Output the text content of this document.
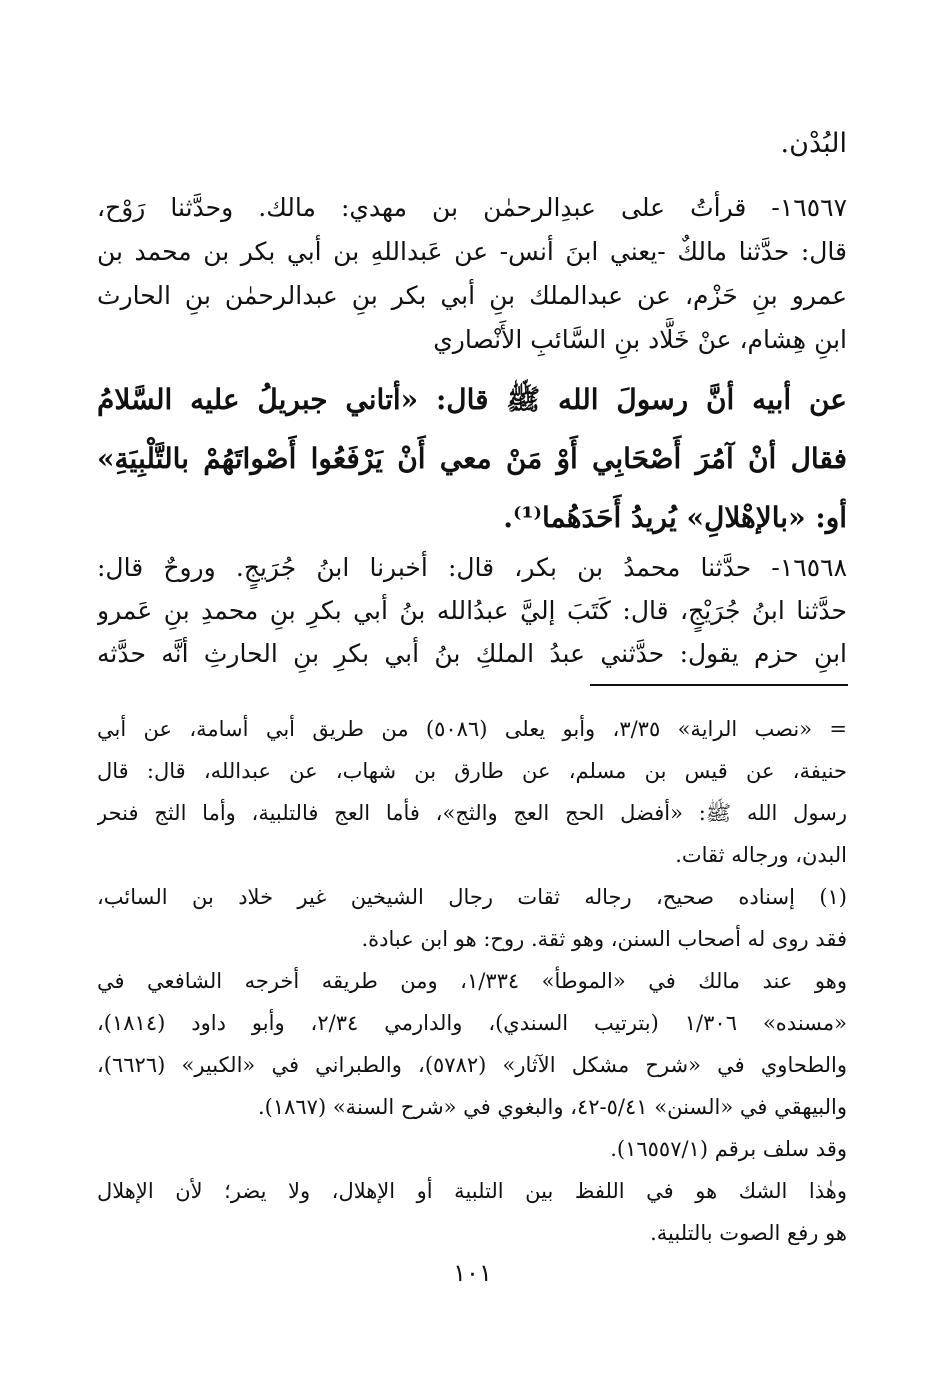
البُدْن.
١٦٥٦٧- قرأتُ على عبدِالرحمٰن بن مهدي: مالك. وحدَّثنا رَوْح،
قال: حدَّثنا مالكٌ -يعني ابنَ أنس- عن عَبداللهِ بن أبي بكر بن محمد بن
عمرو بنِ حَزْم، عن عبدالملك بنِ أبي بكر بنِ عبدالرحمٰن بنِ الحارث
ابنِ هِشام، عنْ خَلَّاد بنِ السَّائبِ الأَنْصاري
عن أبيه أنَّ رسولَ الله ﷺ قال: «أتاني جبريلُ عليه السَّلامُ
فقال أنْ آمُرَ أَصْحَابِي أَوْ مَنْ معي أَنْ يَرْفَعُوا أَصْواتَهُمْ بالتَّلْبِيَةِ»
أو: «بالإهْلالِ» يُريدُ أَحَدَهُما⁽¹⁾.
١٦٥٦٨- حدَّثنا محمدُ بن بكر، قال: أخبرنا ابنُ جُرَيجٍ. وروحٌ قال:
حدَّثنا ابنُ جُرَيْجٍ، قال: كَتَبَ إليَّ عبدُالله بنُ أبي بكرِ بنِ محمدِ بنِ عَمرو
ابنِ حزم يقول: حدَّثني عبدُ الملكِ بنُ أبي بكرِ بنِ الحارثِ أنَّه حدَّثه
= «نصب الراية» ٣/٣٥، وأبو يعلى (٥٠٨٦) من طريق أبي أسامة، عن أبي
حنيفة، عن قيس بن مسلم، عن طارق بن شهاب، عن عبدالله، قال: قال
رسول الله ﷺ: «أفضل الحج العج والثج»، فأما العج فالتلبية، وأما الثج فنحر
البدن، ورجاله ثقات.
(١) إسناده صحيح، رجاله ثقات رجال الشيخين غير خلاد بن السائب،
فقد روى له أصحاب السنن، وهو ثقة. روح: هو ابن عبادة.
وهو عند مالك في «الموطأ» ١/٣٣٤، ومن طريقه أخرجه الشافعي في
«مسنده» ١/٣٠٦ (بترتيب السندي)، والدارمي ٢/٣٤، وأبو داود (١٨١٤)،
والطحاوي في «شرح مشكل الآثار» (٥٧٨٢)، والطبراني في «الكبير» (٦٦٢٦)،
والبيهقي في «السنن» ٥/٤١-٤٢، والبغوي في «شرح السنة» (١٨٦٧).
وقد سلف برقم (١٦٥٥٧/١).
وهٰذا الشك هو في اللفظ بين التلبية أو الإهلال، ولا يضر؛ لأن الإهلال
هو رفع الصوت بالتلبية.
١٠١
